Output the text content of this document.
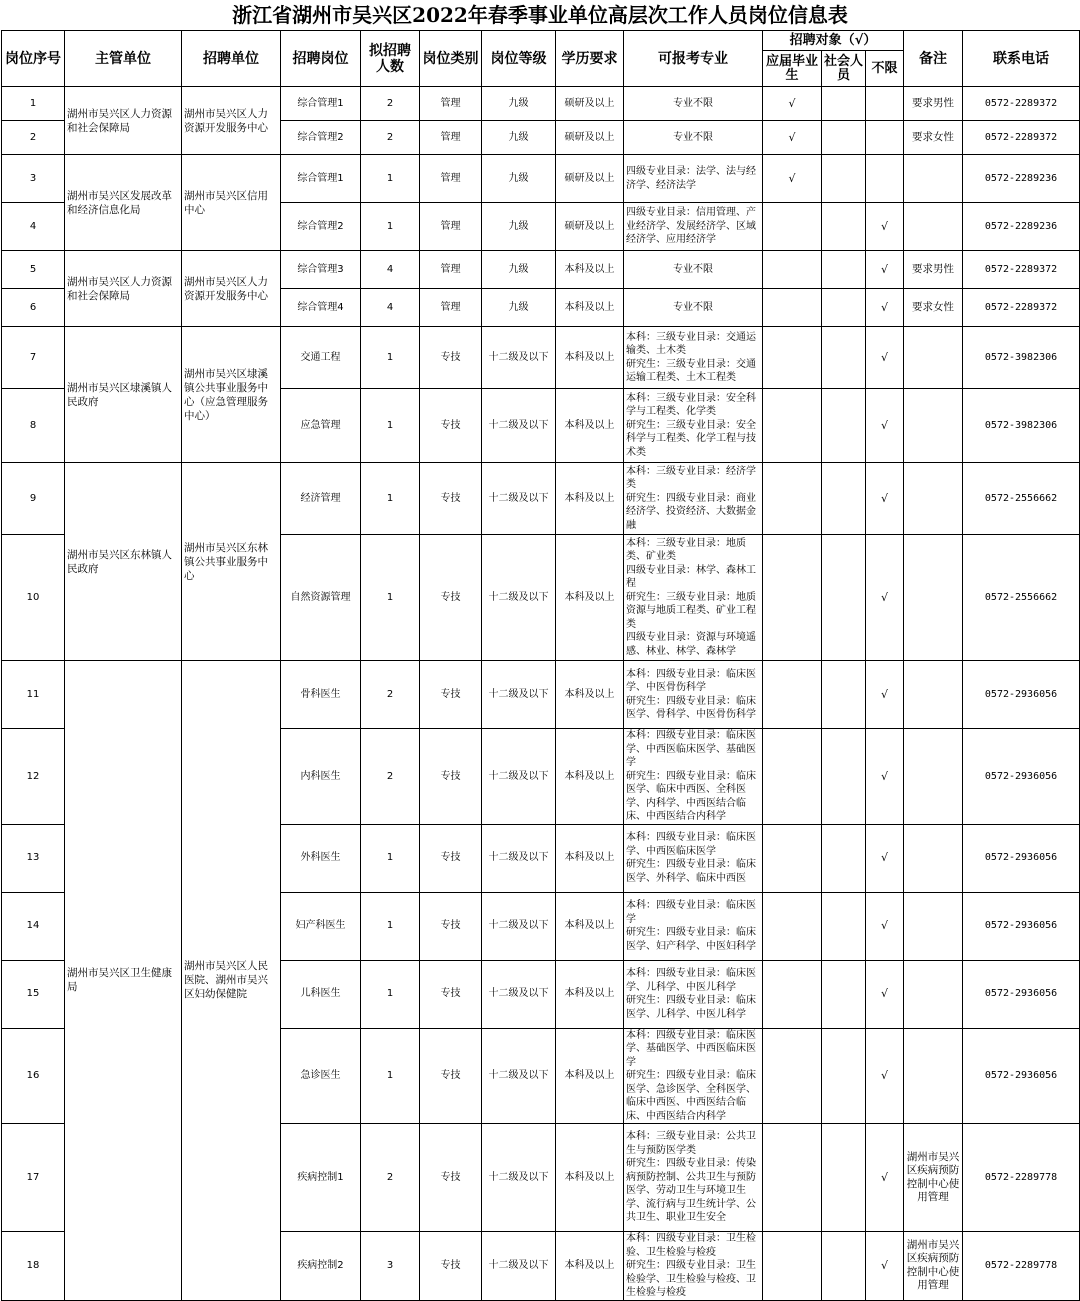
浙江省湖州市吴兴区2022年春季事业单位高层次工作人员岗位信息表
岗位序号	主管单位	招聘单位	招聘岗位	拟招聘人数	岗位类别	岗位等级	学历要求	可报考专业	招聘对象（√）			备注	联系电话
									应届毕业生	社会人员	不限		
1	湖州市吴兴区人力资源和社会保障局	湖州市吴兴区人力资源开发服务中心	综合管理1	2	管理	九级	硕研及以上	专业不限	√			要求男性	0572-2289372
2			综合管理2	2	管理	九级	硕研及以上	专业不限	√			要求女性	0572-2289372
3	湖州市吴兴区发展改革和经济信息化局	湖州市吴兴区信用中心	综合管理1	1	管理	九级	硕研及以上	四级专业目录：法学、法与经济学、经济法学	√				0572-2289236
4			综合管理2	1	管理	九级	硕研及以上	四级专业目录：信用管理、产业经济学、发展经济学、区域经济学、应用经济学			√		0572-2289236
5	湖州市吴兴区人力资源和社会保障局	湖州市吴兴区人力资源开发服务中心	综合管理3	4	管理	九级	本科及以上	专业不限			√	要求男性	0572-2289372
6			综合管理4	4	管理	九级	本科及以上	专业不限			√	要求女性	0572-2289372
7	湖州市吴兴区埭溪镇人民政府	湖州市吴兴区埭溪镇公共事业服务中心（应急管理服务中心）	交通工程	1	专技	十二级及以下	本科及以上	本科：三级专业目录：交通运输类、土木类
研究生：三级专业目录：交通运输工程类、土木工程类			√		0572-3982306
8			应急管理	1	专技	十二级及以下	本科及以上	本科：三级专业目录：安全科学与工程类、化学类
研究生：三级专业目录：安全科学与工程类、化学工程与技术类			√		0572-3982306
9	湖州市吴兴区东林镇人民政府	湖州市吴兴区东林镇公共事业服务中心	经济管理	1	专技	十二级及以下	本科及以上	本科：三级专业目录：经济学类
研究生：四级专业目录：商业经济学、投资经济、大数据金融			√		0572-2556662
10			自然资源管理	1	专技	十二级及以下	本科及以上	本科：三级专业目录：地质类、矿业类
四级专业目录：林学、森林工程
研究生：三级专业目录：地质资源与地质工程类、矿业工程类
四级专业目录：资源与环境遥感、林业、林学、森林学			√		0572-2556662
11	湖州市吴兴区卫生健康局	湖州市吴兴区人民医院、湖州市吴兴区妇幼保健院	骨科医生	2	专技	十二级及以下	本科及以上	本科：四级专业目录：临床医学、中医骨伤科学
研究生：四级专业目录：临床医学、骨科学、中医骨伤科学			√		0572-2936056
12			内科医生	2	专技	十二级及以下	本科及以上	本科：四级专业目录：临床医学、中西医临床医学、基础医学
研究生：四级专业目录：临床医学、临床中西医、全科医学、内科学、中西医结合临床、中西医结合内科学			√		0572-2936056
13			外科医生	1	专技	十二级及以下	本科及以上	本科：四级专业目录：临床医学、中西医临床医学
研究生：四级专业目录：临床医学、外科学、临床中西医			√		0572-2936056
14			妇产科医生	1	专技	十二级及以下	本科及以上	本科：四级专业目录：临床医学
研究生：四级专业目录：临床医学、妇产科学、中医妇科学			√		0572-2936056
15			儿科医生	1	专技	十二级及以下	本科及以上	本科：四级专业目录：临床医学、儿科学、中医儿科学
研究生：四级专业目录：临床医学、儿科学、中医儿科学			√		0572-2936056
16			急诊医生	1	专技	十二级及以下	本科及以上	本科：四级专业目录：临床医学、基础医学、中西医临床医学
研究生：四级专业目录：临床医学、急诊医学、全科医学、临床中西医、中西医结合临床、中西医结合内科学			√		0572-2936056
17			疾病控制1	2	专技	十二级及以下	本科及以上	本科：三级专业目录：公共卫生与预防医学类
研究生：四级专业目录：传染病预防控制、公共卫生与预防医学、劳动卫生与环境卫生学、流行病与卫生统计学、公共卫生、职业卫生安全			√	湖州市吴兴区疾病预防控制中心使用管理	0572-2289778
18			疾病控制2	3	专技	十二级及以下	本科及以上	本科：四级专业目录：卫生检验、卫生检验与检疫
研究生：四级专业目录：卫生检验学、卫生检验与检疫、卫生检验与检疫			√	湖州市吴兴区疾病预防控制中心使用管理	0572-2289778
